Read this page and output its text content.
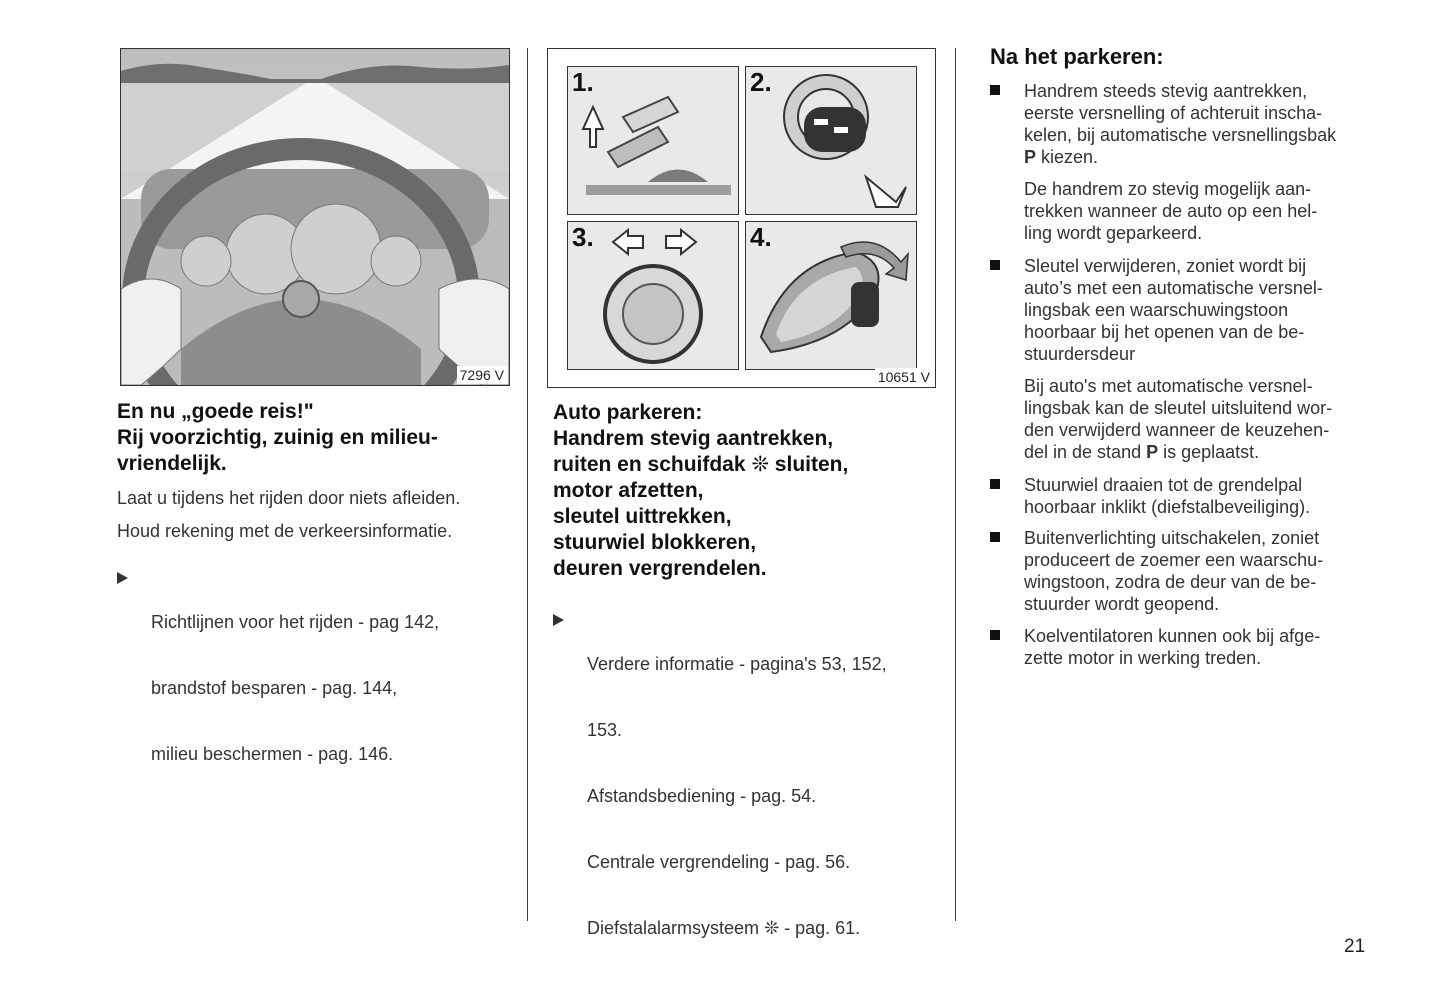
7296 V
En nu „goede reis!"
Rij voorzichtig, zuinig en milieu-
vriendelijk.

Laat u tijdens het rijden door niets afleiden.

Houd rekening met de verkeersinformatie.

Richtlijnen voor het rijden - pag 142,

brandstof besparen - pag. 144,

milieu beschermen - pag. 146.

1.	2.
3.	4.
10651 V
Auto parkeren:
Handrem stevig aantrekken,
ruiten en schuifdak ❊ sluiten,
motor afzetten,
sleutel uittrekken,
stuurwiel blokkeren,
deuren vergrendelen.

Verdere informatie - pagina's 53, 152,

153.

Afstandsbediening - pag. 54.

Centrale vergrendeling - pag. 56.

Diefstalalarmsysteem ❊ - pag. 61.

Na het parkeren:
Handrem steeds stevig aantrekken,
eerste versnelling of achteruit inscha-
kelen, bij automatische versnellingsbak
P kiezen.
De handrem zo stevig mogelijk aan-
trekken wanneer de auto op een hel-
ling wordt geparkeerd.
Sleutel verwijderen, zoniet wordt bij
auto’s met een automatische versnel-
lingsbak een waarschuwingstoon
hoorbaar bij het openen van de be-
stuurdersdeur
Bij auto's met automatische versnel-
lingsbak kan de sleutel uitsluitend wor-
den verwijderd wanneer de keuzehen-
del in de stand P is geplaatst.
Stuurwiel draaien tot de grendelpal
hoorbaar inklikt (diefstalbeveiliging).
Buitenverlichting uitschakelen, zoniet
produceert de zoemer een waarschu-
wingstoon, zodra de deur van de be-
stuurder wordt geopend.
Koelventilatoren kunnen ook bij afge-
zette motor in werking treden.
21
